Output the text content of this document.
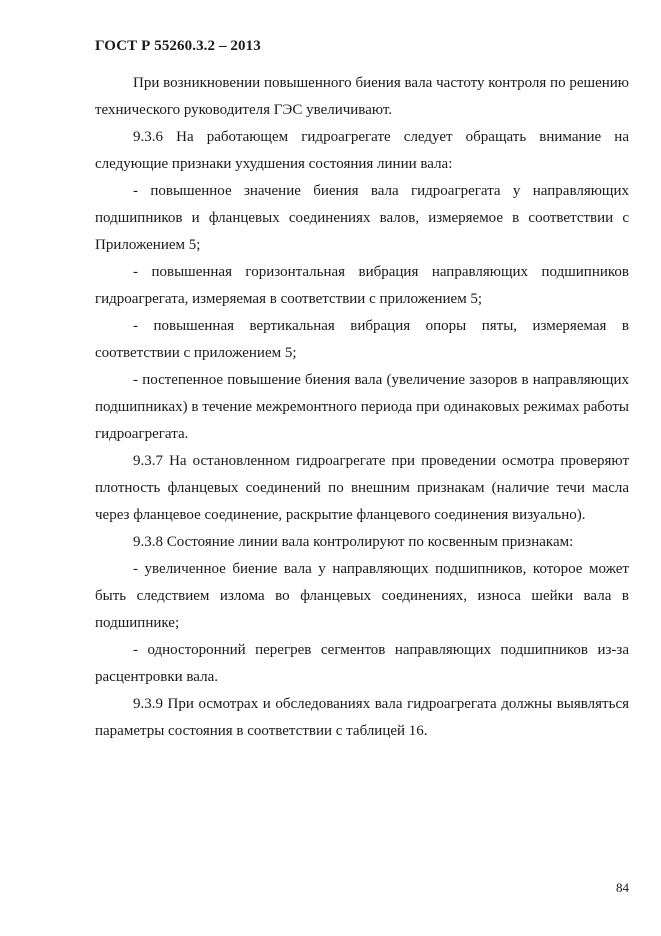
ГОСТ Р 55260.3.2 – 2013

При возникновении повышенного биения вала частоту контроля по решению технического руководителя ГЭС увеличивают.

9.3.6 На работающем гидроагрегате следует обращать внимание на следующие признаки ухудшения состояния линии вала:

- повышенное значение биения вала гидроагрегата у направляющих подшипников и фланцевых соединениях валов, измеряемое в соответствии с Приложением 5;

- повышенная горизонтальная вибрация направляющих подшипников гидроагрегата, измеряемая в соответствии с приложением 5;

- повышенная вертикальная вибрация опоры пяты, измеряемая в соответствии с приложением 5;

- постепенное повышение биения вала (увеличение зазоров в направляющих подшипниках) в течение межремонтного периода при одинаковых режимах работы гидроагрегата.

9.3.7 На остановленном гидроагрегате при проведении осмотра проверяют плотность фланцевых соединений по внешним признакам (наличие течи масла через фланцевое соединение, раскрытие фланцевого соединения визуально).

9.3.8 Состояние линии вала контролируют по косвенным признакам:

- увеличенное биение вала у направляющих подшипников, которое может быть следствием излома во фланцевых соединениях, износа шейки вала в подшипнике;

- односторонний перегрев сегментов направляющих подшипников из-за расцентровки вала.

9.3.9 При осмотрах и обследованиях вала гидроагрегата должны выявляться параметры состояния в соответствии с таблицей 16.

84
